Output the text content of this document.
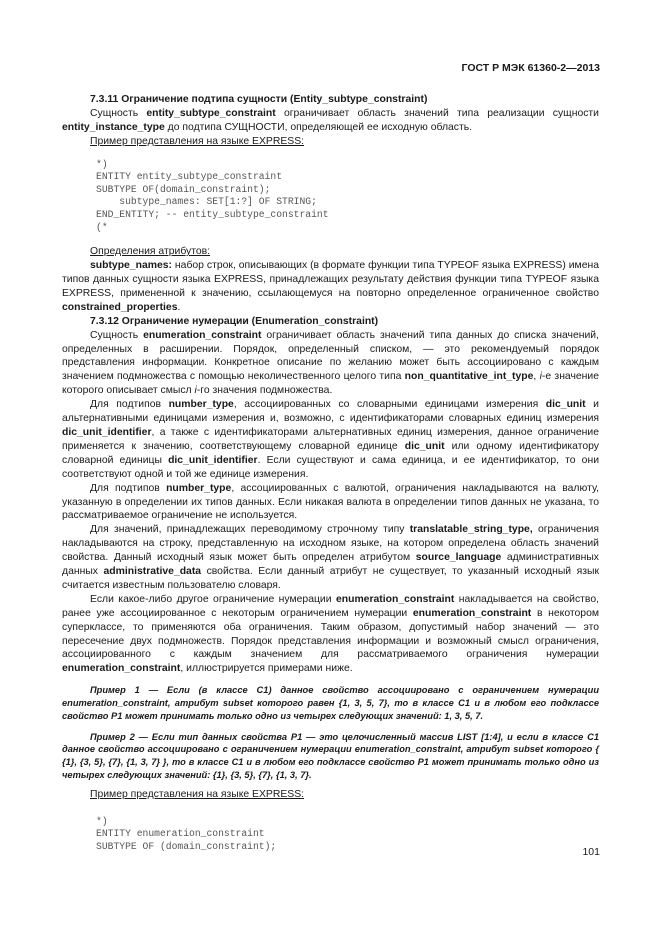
ГОСТ Р МЭК 61360-2—2013

7.3.11 Ограничение подтипа сущности (Entity_subtype_constraint)

Сущность entity_subtype_constraint ограничивает область значений типа реализации сущности entity_instance_type до подтипа СУЩНОСТИ, определяющей ее исходную область.

Пример представления на языке EXPRESS:

*)
ENTITY entity_subtype_constraint
SUBTYPE OF(domain_constraint);
subtype_names: SET[1:?] OF STRING;
END_ENTITY; -- entity_subtype_constraint
(*

Определения атрибутов:

subtype_names: набор строк, описывающих (в формате функции типа TYPEOF языка EXPRESS) имена типов данных сущности языка EXPRESS, принадлежащих результату действия функции типа TYPEOF языка EXPRESS, примененной к значению, ссылающемуся на повторно определенное ограниченное свойство constrained_properties.

7.3.12 Ограничение нумерации (Enumeration_constraint)

Сущность enumeration_constraint ограничивает область значений типа данных до списка значений, определенных в расширении. Порядок, определенный списком, — это рекомендуемый порядок представления информации. Конкретное описание по желанию может быть ассоциировано с каждым значением подмножества с помощью неколичественного целого типа non_quantitative_int_type, i-е значение которого описывает смысл i-го значения подмножества.

Для подтипов number_type, ассоциированных со словарными единицами измерения dic_unit и альтернативными единицами измерения и, возможно, с идентификаторами словарных единиц измерения dic_unit_identifier, а также с идентификаторами альтернативных единиц измерения, данное ограничение применяется к значению, соответствующему словарной единице dic_unit или одному идентификатору словарной единицы dic_unit_identifier. Если существуют и сама единица, и ее идентификатор, то они соответствуют одной и той же единице измерения.

Для подтипов number_type, ассоциированных с валютой, ограничения накладываются на валюту, указанную в определении их типов данных. Если никакая валюта в определении типов данных не указана, то рассматриваемое ограничение не используется.

Для значений, принадлежащих переводимому строчному типу translatable_string_type, ограничения накладываются на строку, представленную на исходном языке, на котором определена область значений свойства. Данный исходный язык может быть определен атрибутом source_language административных данных administrative_data свойства. Если данный атрибут не существует, то указанный исходный язык считается известным пользователю словаря.

Если какое-либо другое ограничение нумерации enumeration_constraint накладывается на свойство, ранее уже ассоциированное с некоторым ограничением нумерации enumeration_constraint в некотором суперклассе, то применяются оба ограничения. Таким образом, допустимый набор значений — это пересечение двух подмножеств. Порядок представления информации и возможный смысл ограничения, ассоциированного с каждым значением для рассматриваемого ограничения нумерации enumeration_constraint, иллюстрируется примерами ниже.

Пример 1 — Если (в классе С1) данное свойство ассоциировано с ограничением нумерации enumeration_constraint, атрибут subset которого равен {1, 3, 5, 7}, то в классе С1 и в любом его подклассе свойство Р1 может принимать только одно из четырех следующих значений: 1, 3, 5, 7.

Пример 2 — Если тип данных свойства Р1 — это целочисленный массив LIST [1:4], и если в классе С1 данное свойство ассоциировано с ограничением нумерации enumeration_constraint, атрибут subset которого { {1}, {3, 5}, {7}, {1, 3, 7} }, то в классе С1 и в любом его подклассе свойство Р1 может принимать только одно из четырех следующих значений: {1}, {3, 5}, {7}, {1, 3, 7}.

Пример представления на языке EXPRESS:

*)
ENTITY enumeration_constraint
SUBTYPE OF (domain_constraint);	101
